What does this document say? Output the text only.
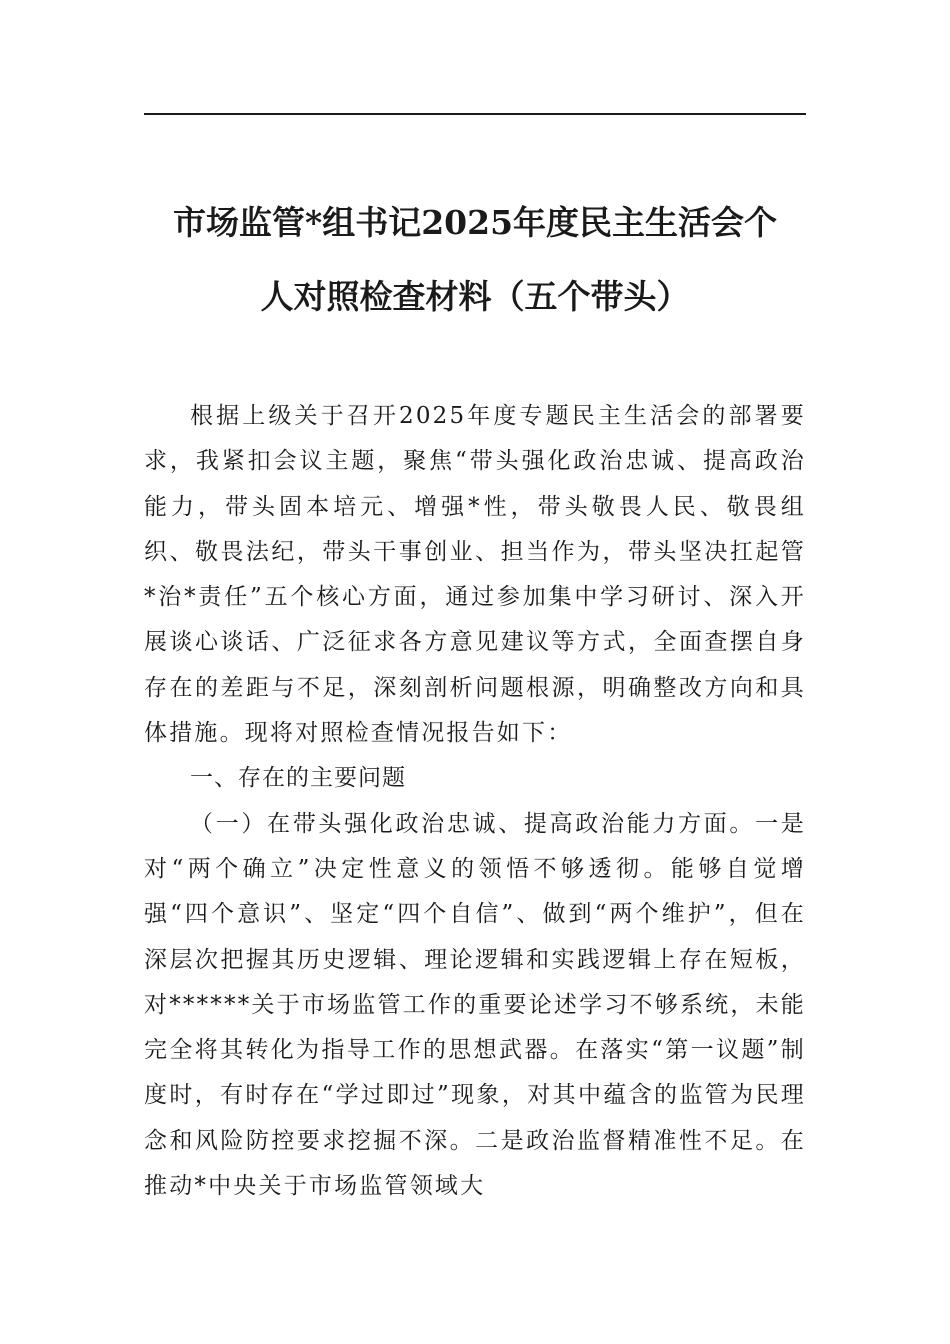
市场监管*组书记2025年度民主生活会个
人对照检查材料（五个带头）

根据上级关于召开2025年度专题民主生活会的部署要求，我紧扣会议主题，聚焦“带头强化政治忠诚、提高政治能力，带头固本培元、增强*性，带头敬畏人民、敬畏组织、敬畏法纪，带头干事创业、担当作为，带头坚决扛起管*治*责任”五个核心方面，通过参加集中学习研讨、深入开展谈心谈话、广泛征求各方意见建议等方式，全面查摆自身存在的差距与不足，深刻剖析问题根源，明确整改方向和具体措施。现将对照检查情况报告如下：

一、存在的主要问题

（一）在带头强化政治忠诚、提高政治能力方面。一是对“两个确立”决定性意义的领悟不够透彻。能够自觉增强“四个意识”、坚定“四个自信”、做到“两个维护”，但在深层次把握其历史逻辑、理论逻辑和实践逻辑上存在短板，对******关于市场监管工作的重要论述学习不够系统，未能完全将其转化为指导工作的思想武器。在落实“第一议题”制度时，有时存在“学过即过”现象，对其中蕴含的监管为民理念和风险防控要求挖掘不深。二是政治监督精准性不足。在推动*中央关于市场监管领域大
